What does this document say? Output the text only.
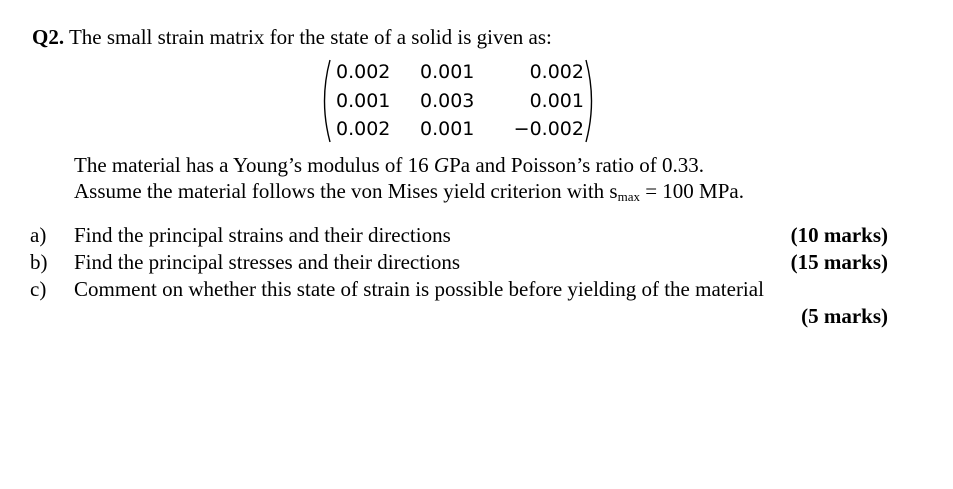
Q2. The small strain matrix for the state of a solid is given as:
0.002	0.001	0.002
0.001	0.003	0.001
0.002	0.001	−0.002
The material has a Young’s modulus of 16 GPa and Poisson’s ratio of 0.33.
Assume the material follows the von Mises yield criterion with $s_{max} = 100$ MPa.
a) Find the principal strains and their directions	(10 marks)
b) Find the principal stresses and their directions	(15 marks)
c) Comment on whether this state of strain is possible before yielding of the material
(5 marks)
